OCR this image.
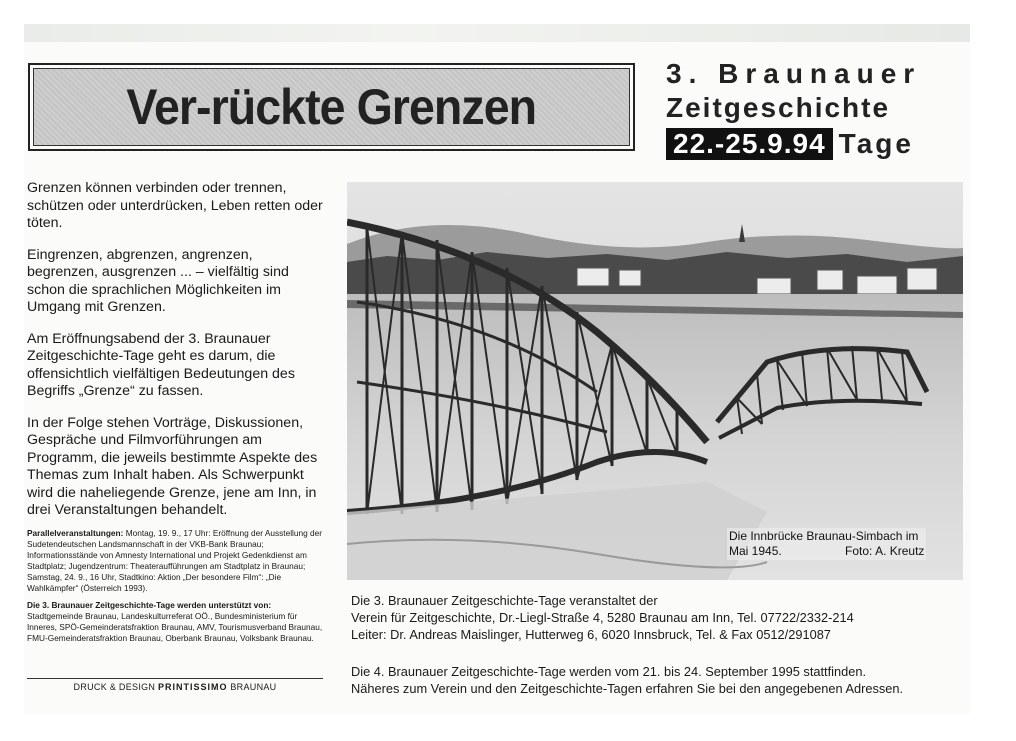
Ver-rückte Grenzen
3. Braunauer
Zeitgeschichte
22.-25.9.94 Tage

Grenzen können verbinden oder trennen, schützen oder unterdrücken, Leben retten oder töten.

Eingrenzen, abgrenzen, angrenzen, begrenzen, ausgrenzen ... – vielfältig sind schon die sprachlichen Möglichkeiten im Umgang mit Grenzen.

Am Eröffnungsabend der 3. Braunauer Zeitgeschichte-Tage geht es darum, die offensichtlich vielfältigen Bedeutungen des Begriffs „Grenze“ zu fassen.

In der Folge stehen Vorträge, Diskussionen, Gespräche und Filmvorführungen am Programm, die jeweils bestimmte Aspekte des Themas zum Inhalt haben. Als Schwerpunkt wird die naheliegende Grenze, jene am Inn, in drei Veranstaltungen behandelt.

Parallelveranstaltungen: Montag, 19. 9., 17 Uhr: Eröffnung der Ausstellung der Sudetendeutschen Landsmannschaft in der VKB-Bank Braunau; Informationsstände von Amnesty International und Projekt Gedenkdienst am Stadtplatz; Jugendzentrum: Theateraufführungen am Stadtplatz in Braunau; Samstag, 24. 9., 16 Uhr, Stadtkino: Aktion „Der besondere Film“: „Die Wahlkämpfer“ (Österreich 1993).

Die 3. Braunauer Zeitgeschichte-Tage werden unterstützt von: Stadtgemeinde Braunau, Landeskulturreferat OÖ., Bundesministerium für Inneres, SPÖ-Gemeinderatsfraktion Braunau, AMV, Tourismusverband Braunau, FMU-Gemeinderatsfraktion Braunau, Oberbank Braunau, Volksbank Braunau.

DRUCK & DESIGN PRINTISSIMO BRAUNAU
Die Innbrücke Braunau-Simbach im
Mai 1945.	Foto: A. Kreutz

Die 3. Braunauer Zeitgeschichte-Tage veranstaltet der

Verein für Zeitgeschichte, Dr.-Liegl-Straße 4, 5280 Braunau am Inn, Tel. 07722/2332-214

Leiter: Dr. Andreas Maislinger, Hutterweg 6, 6020 Innsbruck, Tel. & Fax 0512/291087

Die 4. Braunauer Zeitgeschichte-Tage werden vom 21. bis 24. September 1995 stattfinden.

Näheres zum Verein und den Zeitgeschichte-Tagen erfahren Sie bei den angegebenen Adressen.
